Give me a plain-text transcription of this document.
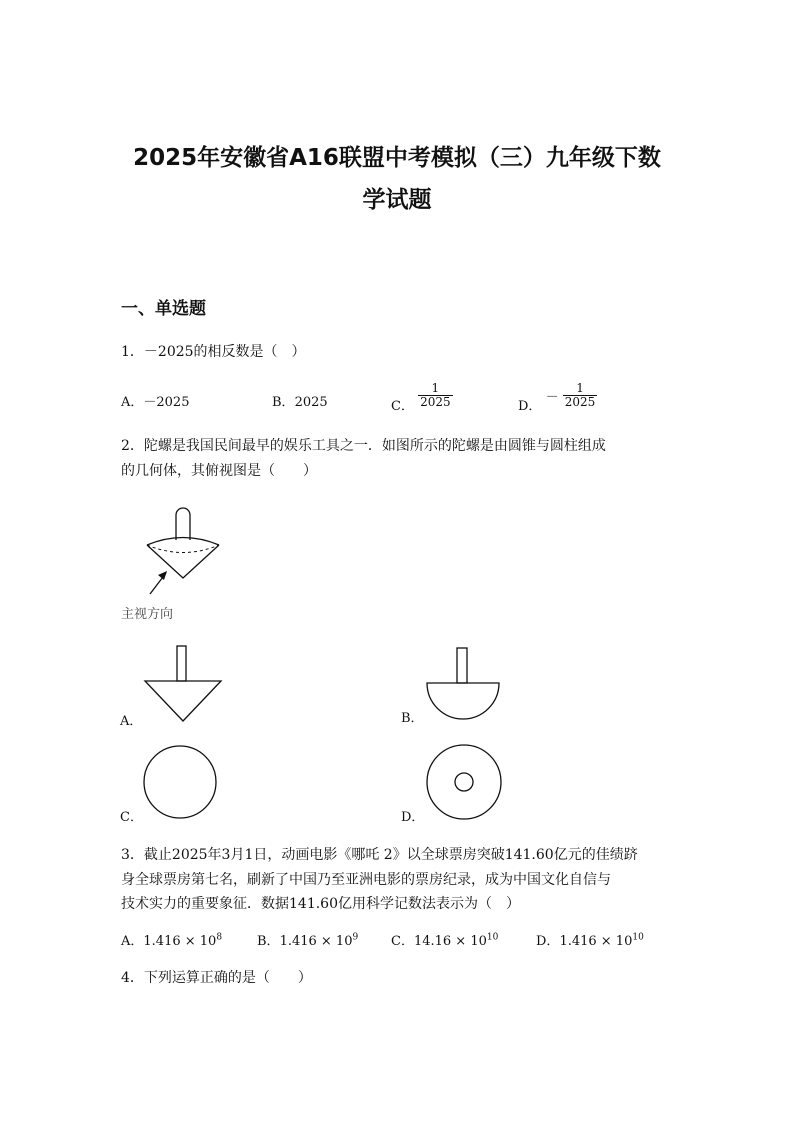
2025年安徽省A16联盟中考模拟（三）九年级下数
学试题
一、单选题
1．－2025的相反数是（　）
A．－2025	B．2025	C． $\frac{1}{2025}$	D． － $\frac{1}{2025}$
2．陀螺是我国民间最早的娱乐工具之一．如图所示的陀螺是由圆锥与圆柱组成
的几何体，其俯视图是（　　）
主视方向
A．	B．
C．	D．
3．截止2025年3月1日，动画电影《哪吒 2》以全球票房突破141.60亿元的佳绩跻
身全球票房第七名，刷新了中国乃至亚洲电影的票房纪录，成为中国文化自信与
技术实力的重要象征．数据141.60亿用科学记数法表示为（　）
A．$1.416 \times 10^8$	B．$1.416 \times 10^9$	C．$14.16 \times 10^{10}$	D．$1.416 \times 10^{10}$
4．下列运算正确的是（　　）
